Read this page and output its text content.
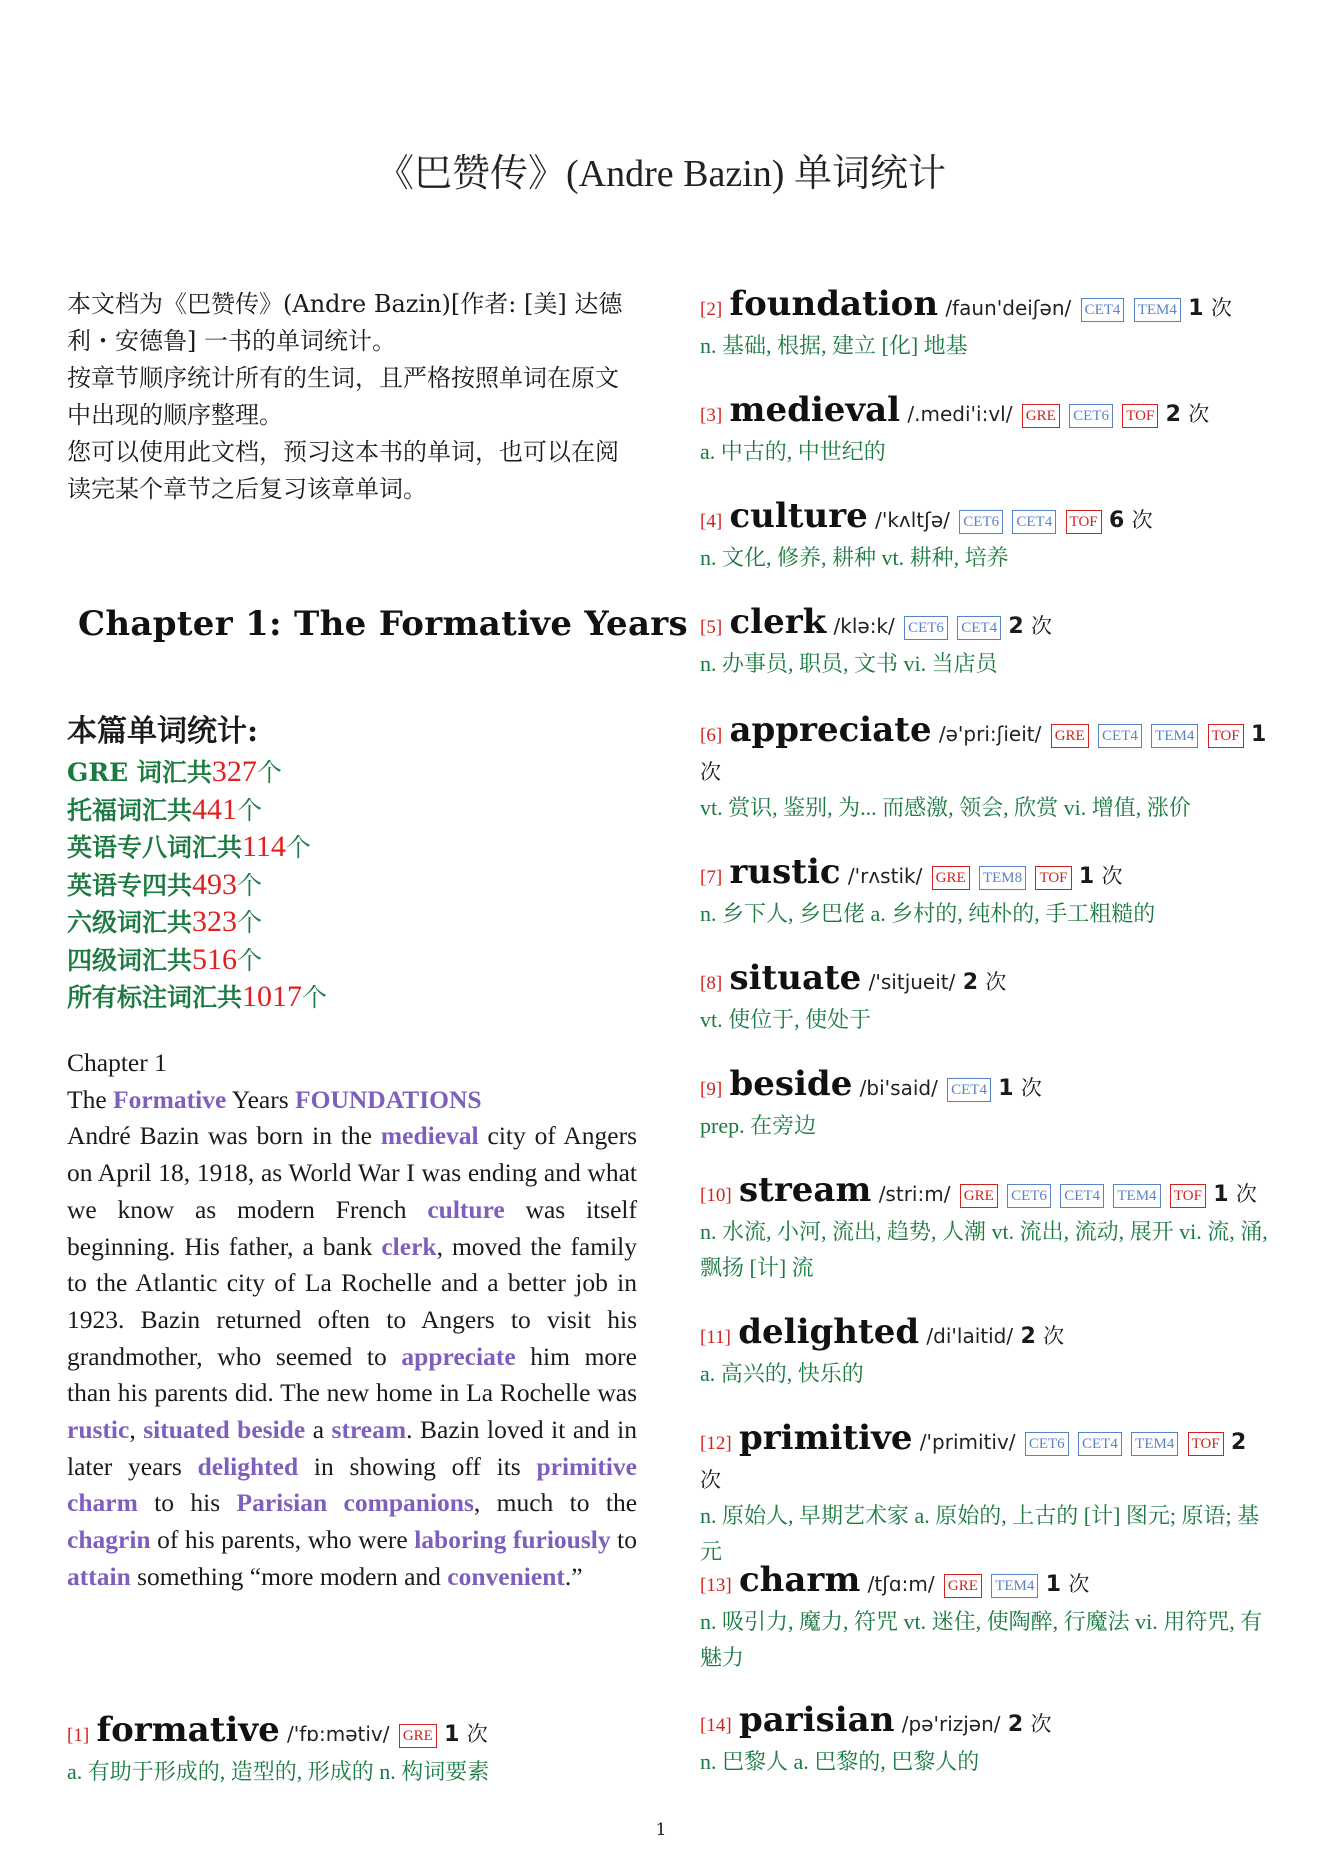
《巴赞传》(Andre Bazin) 单词统计

本文档为《巴赞传》(Andre Bazin)[作者: [美] 达德利・安德鲁] 一书的单词统计。

按章节顺序统计所有的生词，且严格按照单词在原文中出现的顺序整理。

您可以使用此文档，预习这本书的单词，也可以在阅读完某个章节之后复习该章单词。

Chapter 1: The Formative Years
本篇单词统计:
GRE 词汇共327个
托福词汇共441个
英语专八词汇共114个
英语专四共493个
六级词汇共323个
四级词汇共516个
所有标注词汇共1017个

Chapter 1

The Formative Years FOUNDATIONS

André Bazin was born in the medieval city of Angers on April 18, 1918, as World War I was ending and what we know as modern French culture was itself beginning. His father, a bank clerk, moved the family to the Atlantic city of La Rochelle and a better job in 1923. Bazin returned often to Angers to visit his grandmother, who seemed to appreciate him more than his parents did. The new home in La Rochelle was rustic, situated beside a stream. Bazin loved it and in later years delighted in showing off its primitive charm to his Parisian companions, much to the chagrin of his parents, who were laboring furiously to attain something “more modern and convenient.”

[1] formative /'fɒ:mətiv/ GRE 1 次
a. 有助于形成的, 造型的, 形成的 n. 构词要素
[2] foundation /faun'deiʃən/ CET4 TEM4 1 次
n. 基础, 根据, 建立 [化] 地基
[3] medieval /.medi'i:vl/ GRE CET6 TOF 2 次
a. 中古的, 中世纪的
[4] culture /'kʌltʃə/ CET6 CET4 TOF 6 次
n. 文化, 修养, 耕种 vt. 耕种, 培养
[5] clerk /klə:k/ CET6 CET4 2 次
n. 办事员, 职员, 文书 vi. 当店员
[6] appreciate /ə'pri:ʃieit/ GRE CET4 TEM4 TOF 1 次
vt. 赏识, 鉴别, 为... 而感激, 领会, 欣赏 vi. 增值, 涨价
[7] rustic /'rʌstik/ GRE TEM8 TOF 1 次
n. 乡下人, 乡巴佬 a. 乡村的, 纯朴的, 手工粗糙的
[8] situate /'sitjueit/ 2 次
vt. 使位于, 使处于
[9] beside /bi'said/ CET4 1 次
prep. 在旁边
[10] stream /stri:m/ GRE CET6 CET4 TEM4 TOF 1 次
n. 水流, 小河, 流出, 趋势, 人潮 vt. 流出, 流动, 展开 vi. 流, 涌, 飘扬 [计] 流
[11] delighted /di'laitid/ 2 次
a. 高兴的, 快乐的
[12] primitive /'primitiv/ CET6 CET4 TEM4 TOF 2 次
n. 原始人, 早期艺术家 a. 原始的, 上古的 [计] 图元; 原语; 基元
[13] charm /tʃɑ:m/ GRE TEM4 1 次
n. 吸引力, 魔力, 符咒 vt. 迷住, 使陶醉, 行魔法 vi. 用符咒, 有魅力
[14] parisian /pə'rizjən/ 2 次
n. 巴黎人 a. 巴黎的, 巴黎人的
1
